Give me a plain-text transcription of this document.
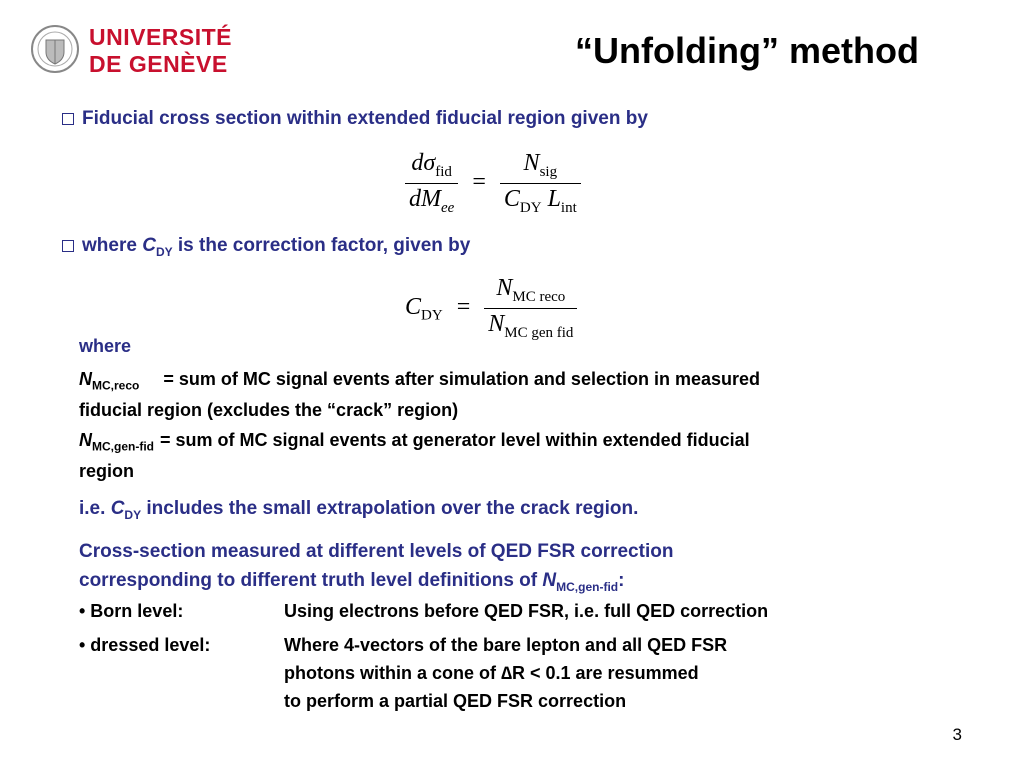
UNIVERSITÉ
DE GENÈVE	“Unfolding” method
Fiducial cross section within extended fiducial region given by
$\frac{d\sigma_{fid}}{dM_{ee}} = \frac{N_{sig}}{C_{DY} L_{int}}$
where $C_{DY}$ is the correction factor, given by
$C_{DY} = \frac{N_{MC reco}}{N_{MC gen fid}}$
where
$N_{MC,reco}$ = sum of MC signal events after simulation and selection in measured
fiducial region (excludes the “crack” region)
$N_{MC,gen-fid}$ = sum of MC signal events at generator level within extended fiducial
region
i.e. $C_{DY}$ includes the small extrapolation over the crack region.
Cross-section measured at different levels of QED FSR correction
corresponding to different truth level definitions of $N_{MC,gen-fid}$:
• Born level:	Using electrons before QED FSR, i.e. full QED correction
• dressed level:	Where 4-vectors of the bare lepton and all QED FSR
photons within a cone of ∆R < 0.1 are resummed
to perform a partial QED FSR correction
3
